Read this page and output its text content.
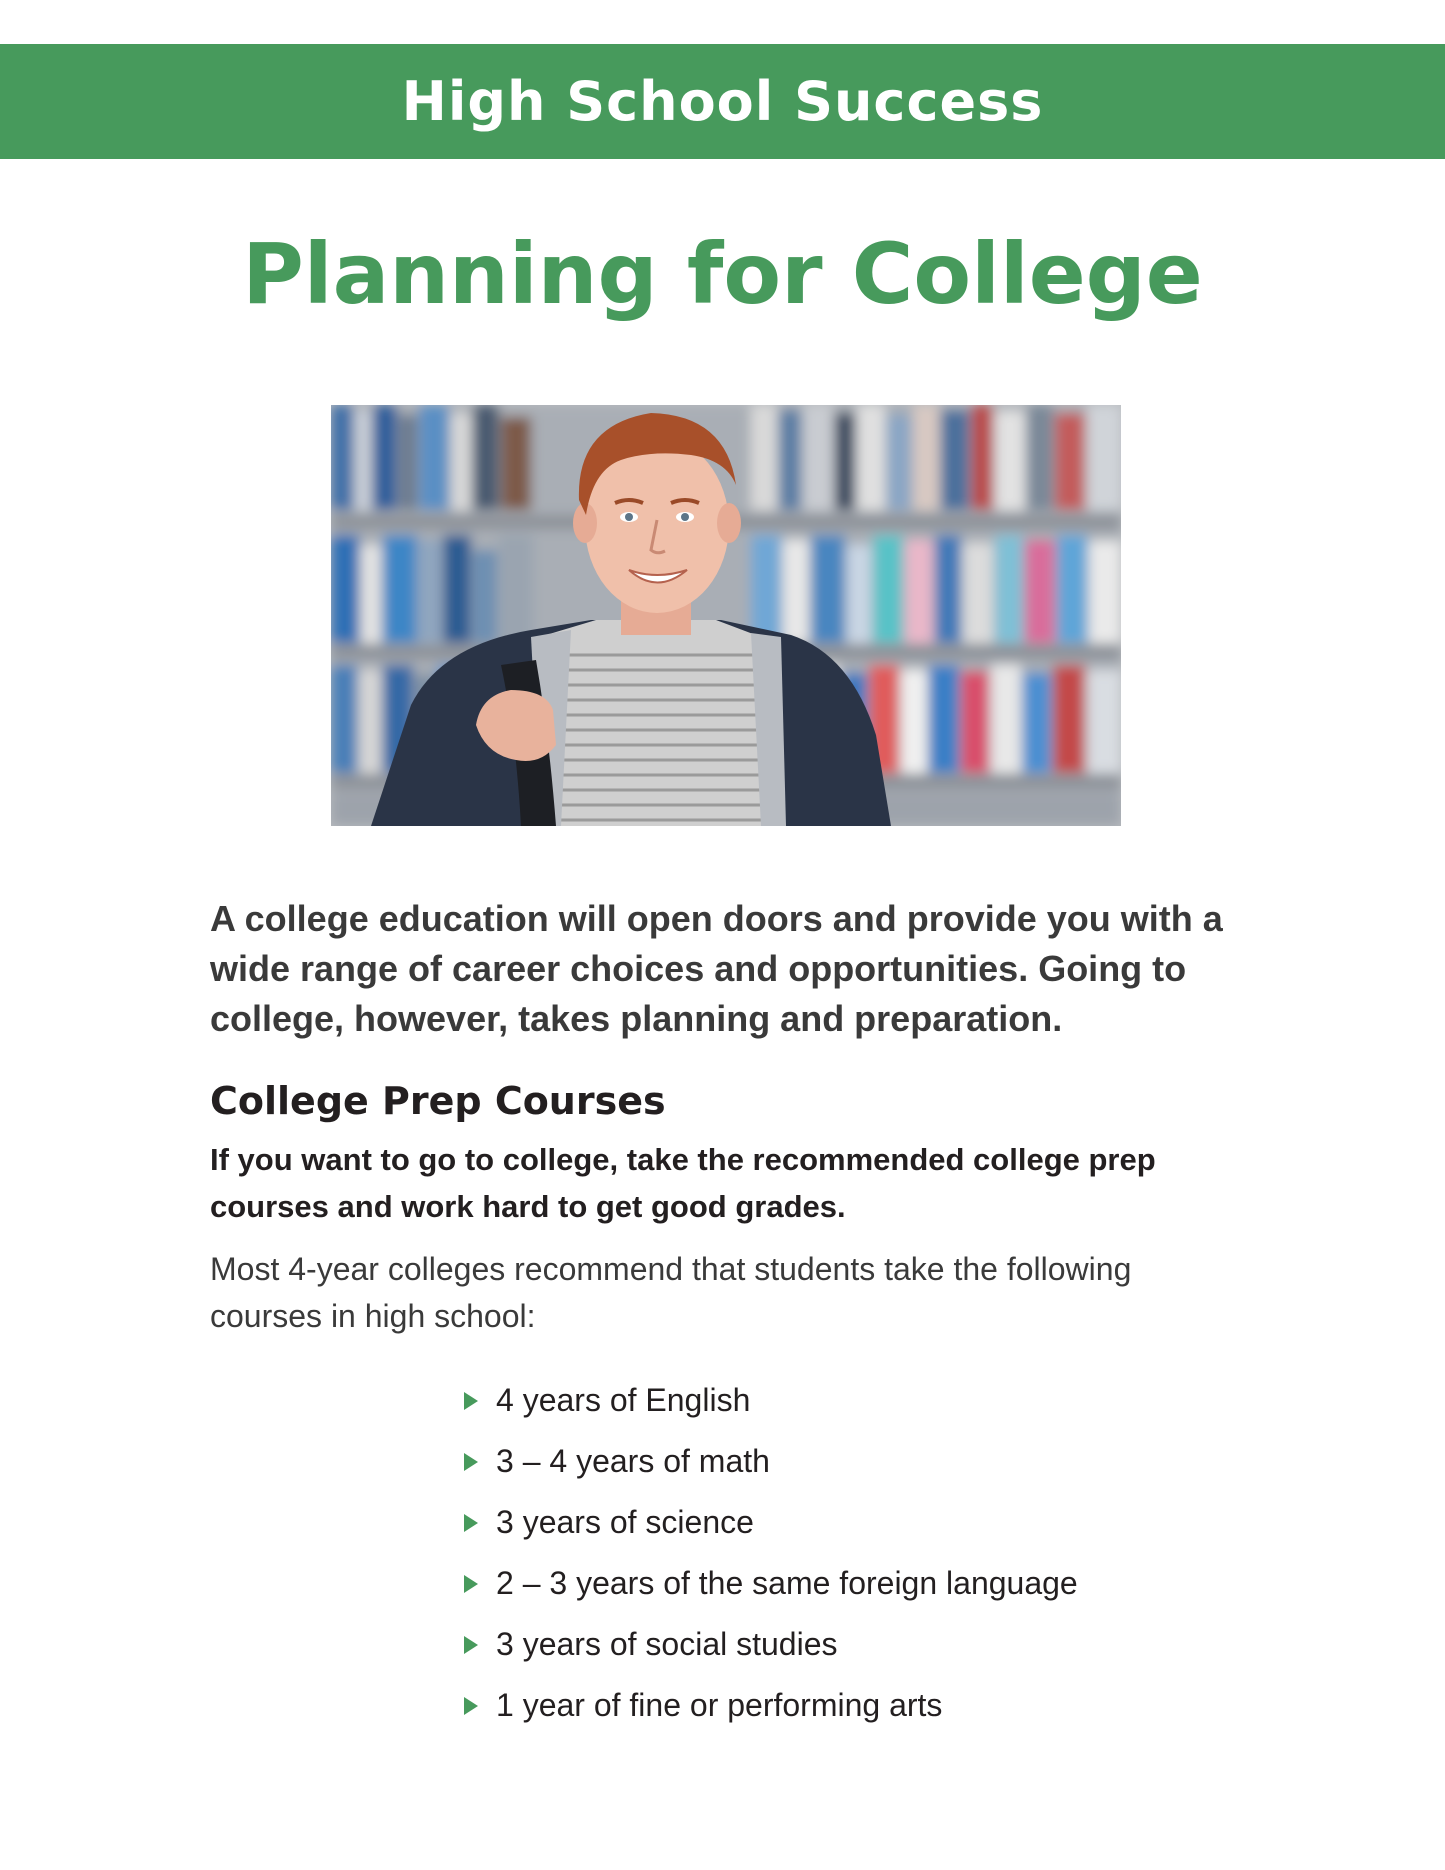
High School Success
Planning for College

A college education will open doors and provide you with a wide range of career choices and opportunities. Going to college, however, takes planning and preparation.

College Prep Courses

If you want to go to college, take the recommended college prep courses and work hard to get good grades.

Most 4-year colleges recommend that students take the following courses in high school:

4 years of English
3 – 4 years of math
3 years of science
2 – 3 years of the same foreign language
3 years of social studies
1 year of fine or performing arts
